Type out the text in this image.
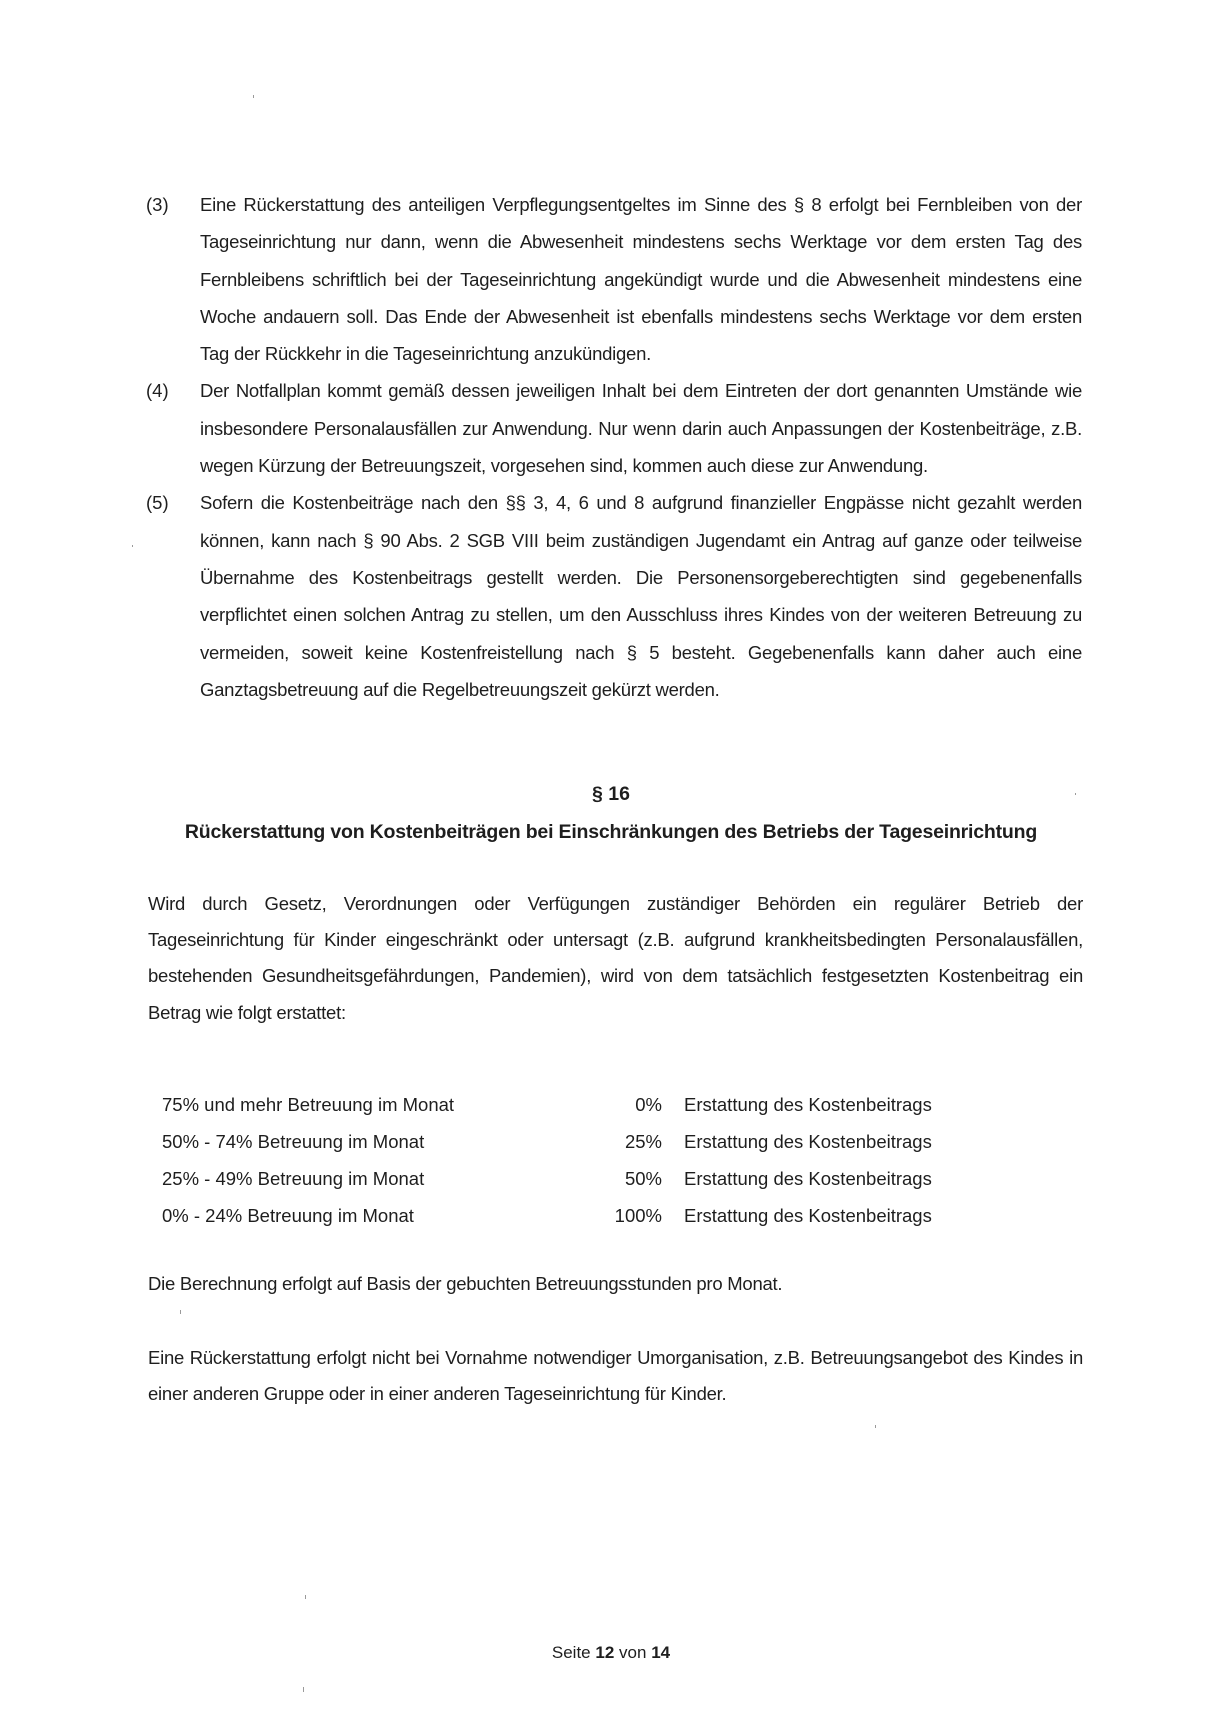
(3)	Eine Rückerstattung des anteiligen Verpflegungsentgeltes im Sinne des § 8 erfolgt bei Fernbleiben von der Tageseinrichtung nur dann, wenn die Abwesenheit mindestens sechs Werktage vor dem ersten Tag des Fernbleibens schriftlich bei der Tageseinrichtung angekündigt wurde und die Abwesenheit mindestens eine Woche andauern soll. Das Ende der Abwesenheit ist ebenfalls mindestens sechs Werktage vor dem ersten Tag der Rückkehr in die Tageseinrichtung anzukündigen.
(4)	Der Notfallplan kommt gemäß dessen jeweiligen Inhalt bei dem Eintreten der dort genannten Umstände wie insbesondere Personalausfällen zur Anwendung. Nur wenn darin auch Anpassungen der Kostenbeiträge, z.B. wegen Kürzung der Betreuungszeit, vorgesehen sind, kommen auch diese zur Anwendung.
(5)	Sofern die Kostenbeiträge nach den §§ 3, 4, 6 und 8 aufgrund finanzieller Engpässe nicht gezahlt werden können, kann nach § 90 Abs. 2 SGB VIII beim zuständigen Jugendamt ein Antrag auf ganze oder teilweise Übernahme des Kostenbeitrags gestellt werden. Die Personensorgeberechtigten sind gegebenenfalls verpflichtet einen solchen Antrag zu stellen, um den Ausschluss ihres Kindes von der weiteren Betreuung zu vermeiden, soweit keine Kostenfreistellung nach § 5 besteht. Gegebenenfalls kann daher auch eine Ganztagsbetreuung auf die Regelbetreuungszeit gekürzt werden.
§ 16
Rückerstattung von Kostenbeiträgen bei Einschränkungen des Betriebs der Tageseinrichtung
Wird durch Gesetz, Verordnungen oder Verfügungen zuständiger Behörden ein regulärer Betrieb der Tageseinrichtung für Kinder eingeschränkt oder untersagt (z.B. aufgrund krankheitsbedingten Personalausfällen, bestehenden Gesundheitsgefährdungen, Pandemien), wird von dem tatsächlich festgesetzten Kostenbeitrag ein Betrag wie folgt erstattet:
75% und mehr Betreuung im Monat	0%	Erstattung des Kostenbeitrags
50% - 74% Betreuung im Monat	25%	Erstattung des Kostenbeitrags
25% - 49% Betreuung im Monat	50%	Erstattung des Kostenbeitrags
0% - 24% Betreuung im Monat	100%	Erstattung des Kostenbeitrags
Die Berechnung erfolgt auf Basis der gebuchten Betreuungsstunden pro Monat.
Eine Rückerstattung erfolgt nicht bei Vornahme notwendiger Umorganisation, z.B. Betreuungsangebot des Kindes in einer anderen Gruppe oder in einer anderen Tageseinrichtung für Kinder.
Seite 12 von 14
